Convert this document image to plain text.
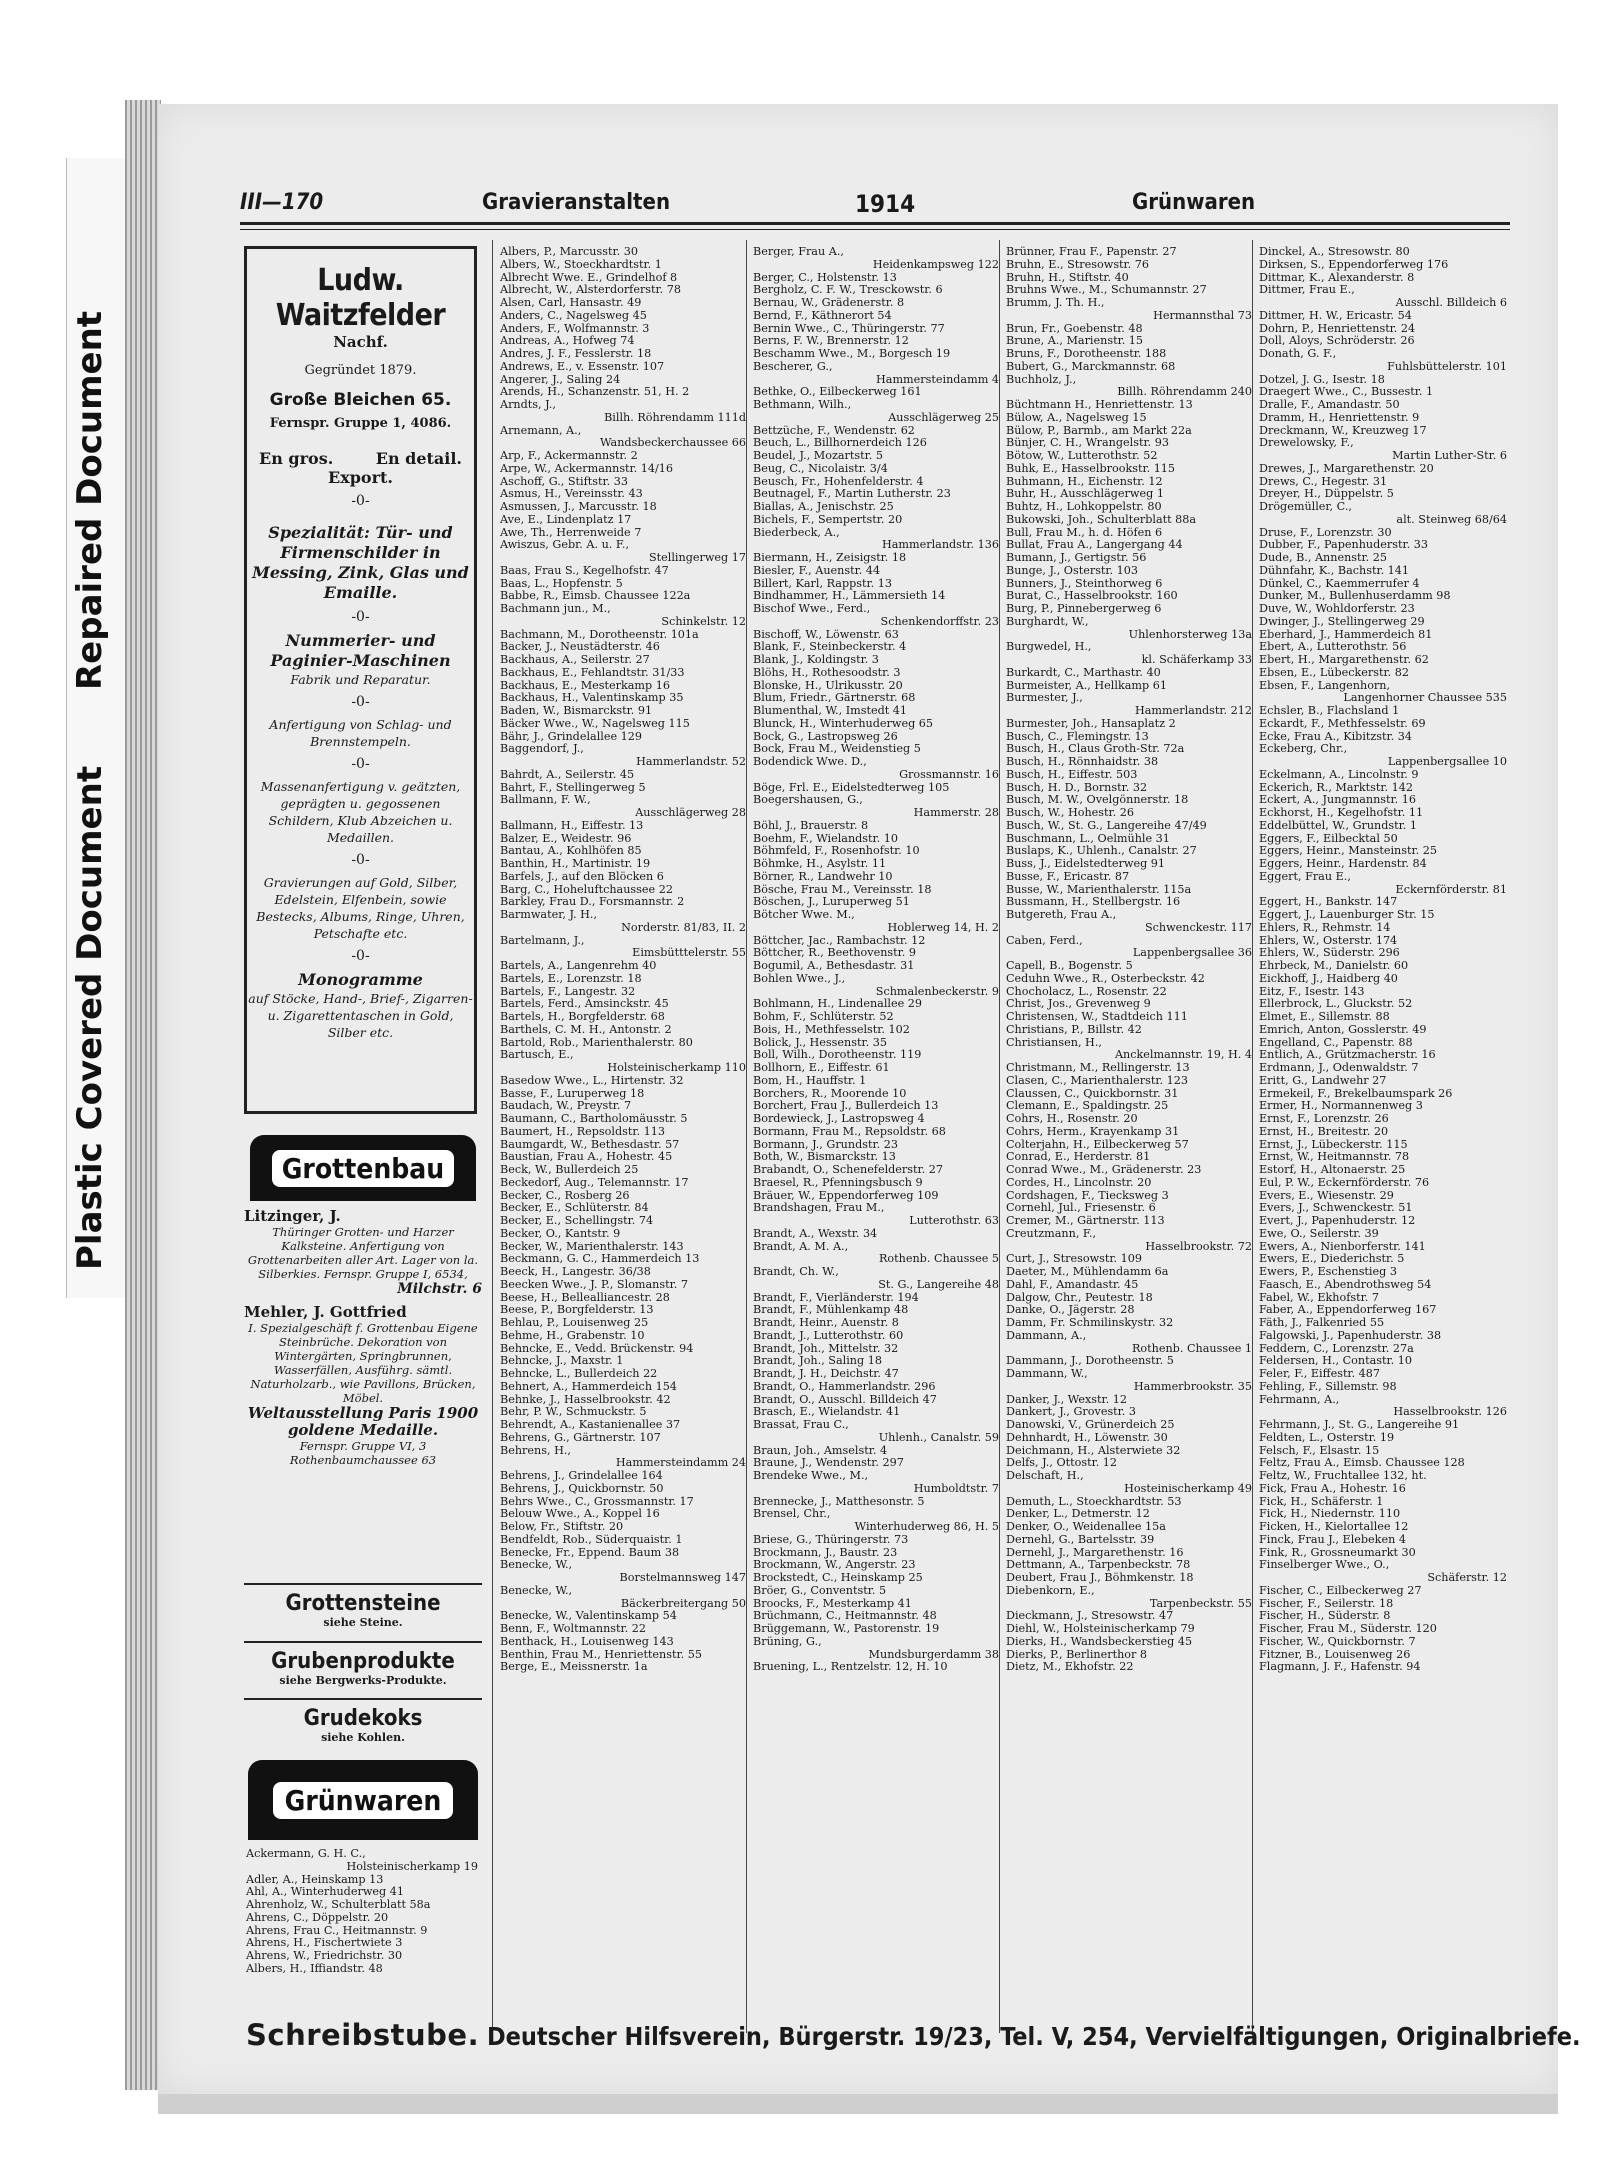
Repaired Document
Plastic Covered Document
III—170	Gravieranstalten	1914	Grünwaren
Ludw. Waitzfelder
Nachf.
Gegründet 1879.
Große Bleichen 65.
Fernspr. Gruppe 1, 4086.
En gros.	En detail.
Export.
-0-
Spezialität: Tür- und Firmenschilder in Messing, Zink, Glas und Emaille.
-0-
Nummerier- und Paginier-Maschinen
Fabrik und Reparatur.
-0-
Anfertigung von Schlag- und Brennstempeln.
-0-
Massenanfertigung v. geätzten, geprägten u. gegossenen Schildern, Klub Abzeichen u. Medaillen.
-0-
Gravierungen auf Gold, Silber, Edelstein, Elfenbein, sowie Bestecks, Albums, Ringe, Uhren, Petschafte etc.
-0-
Monogramme
auf Stöcke, Hand-, Brief-, Zigarren- u. Zigarettentaschen in Gold, Silber etc.
Grottenbau
Litzinger, J.
Thüringer Grotten- und Harzer Kalksteine. Anfertigung von Grottenarbeiten aller Art. Lager von la. Silberkies. Fernspr. Gruppe I, 6534,
Milchstr. 6
Mehler, J. Gottfried
I. Spezialgeschäft f. Grottenbau Eigene Steinbrüche. Dekoration von Wintergärten, Springbrunnen, Wasserfällen, Ausführg. sämtl. Naturholzarb., wie Pavillons, Brücken, Möbel.
Weltausstellung Paris 1900 goldene Medaille.
Fernspr. Gruppe VI, 3
Rothenbaumchaussee 63
Grottensteine
siehe Steine.
Grubenprodukte
siehe Bergwerks-Produkte.
Grudekoks
siehe Kohlen.
Grünwaren
Ackermann, G. H. C.,
Holsteinischerkamp 19
Adler, A., Heinskamp 13
Ahl, A., Winterhuderweg 41
Ahrenholz, W., Schulterblatt 58a
Ahrens, C., Döppelstr. 20
Ahrens, Frau C., Heitmannstr. 9
Ahrens, H., Fischertwiete 3
Ahrens, W., Friedrichstr. 30
Albers, H., Iffiandstr. 48
Albers, P., Marcusstr. 30
Albers, W., Stoeckhardtstr. 1
Albrecht Wwe. E., Grindelhof 8
Albrecht, W., Alsterdorferstr. 78
Alsen, Carl, Hansastr. 49
Anders, C., Nagelsweg 45
Anders, F., Wolfmannstr. 3
Andreas, A., Hofweg 74
Andres, J. F., Fesslerstr. 18
Andrews, E., v. Essenstr. 107
Angerer, J., Saling 24
Arends, H., Schanzenstr. 51, H. 2
Arndts, J.,
Billh. Röhrendamm 111d
Arnemann, A.,
Wandsbeckerchaussee 66
Arp, F., Ackermannstr. 2
Arpe, W., Ackermannstr. 14/16
Aschoff, G., Stiftstr. 33
Asmus, H., Vereinsstr. 43
Asmussen, J., Marcusstr. 18
Ave, E., Lindenplatz 17
Awe, Th., Herrenweide 7
Awiszus, Gebr. A. u. F.,
Stellingerweg 17
Baas, Frau S., Kegelhofstr. 47
Baas, L., Hopfenstr. 5
Babbe, R., Eimsb. Chaussee 122a
Bachmann jun., M.,
Schinkelstr. 12
Bachmann, M., Dorotheenstr. 101a
Backer, J., Neustädterstr. 46
Backhaus, A., Seilerstr. 27
Backhaus, E., Fehlandtstr. 31/33
Backhaus, E., Mesterkamp 16
Backhaus, H., Valentinskamp 35
Baden, W., Bismarckstr. 91
Bäcker Wwe., W., Nagelsweg 115
Bähr, J., Grindelallee 129
Baggendorf, J.,
Hammerlandstr. 52
Bahrdt, A., Seilerstr. 45
Bahrt, F., Stellingerweg 5
Ballmann, F. W.,
Ausschlägerweg 28
Ballmann, H., Eiffestr. 13
Balzer, E., Weidestr. 96
Bantau, A., Kohlhöfen 85
Banthin, H., Martinistr. 19
Barfels, J., auf den Blöcken 6
Barg, C., Hoheluftchaussee 22
Barkley, Frau D., Forsmannstr. 2
Barmwater, J. H.,
Norderstr. 81/83, II. 2
Bartelmann, J.,
Eimsbütttelerstr. 55
Bartels, A., Langenrehm 40
Bartels, E., Lorenzstr. 18
Bartels, F., Langestr. 32
Bartels, Ferd., Amsinckstr. 45
Bartels, H., Borgfelderstr. 68
Barthels, C. M. H., Antonstr. 2
Bartold, Rob., Marienthalerstr. 80
Bartusch, E.,
Holsteinischerkamp 110
Basedow Wwe., L., Hirtenstr. 32
Basse, F., Luruperweg 18
Baudach, W., Preystr. 7
Baumann, C., Bartholomäusstr. 5
Baumert, H., Repsoldstr. 113
Baumgardt, W., Bethesdastr. 57
Baustian, Frau A., Hohestr. 45
Beck, W., Bullerdeich 25
Beckedorf, Aug., Telemannstr. 17
Becker, C., Rosberg 26
Becker, E., Schlüterstr. 84
Becker, E., Schellingstr. 74
Becker, O., Kantstr. 9
Becker, W., Marienthalerstr. 143
Beckmann, G. C., Hammerdeich 13
Beeck, H., Langestr. 36/38
Beecken Wwe., J. P., Slomanstr. 7
Beese, H., Bellealliancestr. 28
Beese, P., Borgfelderstr. 13
Behlau, P., Louisenweg 25
Behme, H., Grabenstr. 10
Behncke, E., Vedd. Brückenstr. 94
Behncke, J., Maxstr. 1
Behncke, L., Bullerdeich 22
Behnert, A., Hammerdeich 154
Behnke, J., Hasselbrookstr. 42
Behr, P. W., Schmuckstr. 5
Behrendt, A., Kastanienallee 37
Behrens, G., Gärtnerstr. 107
Behrens, H.,
Hammersteindamm 24
Behrens, J., Grindelallee 164
Behrens, J., Quickbornstr. 50
Behrs Wwe., C., Grossmannstr. 17
Belouw Wwe., A., Koppel 16
Below, Fr., Stiftstr. 20
Bendfeldt, Rob., Süderquaistr. 1
Benecke, Fr., Eppend. Baum 38
Benecke, W.,
Borstelmannsweg 147
Benecke, W.,
Bäckerbreitergang 50
Benecke, W., Valentinskamp 54
Benn, F., Woltmannstr. 22
Benthack, H., Louisenweg 143
Benthin, Frau M., Henriettenstr. 55
Berge, E., Meissnerstr. 1a
Berger, Frau A.,
Heidenkampsweg 122
Berger, C., Holstenstr. 13
Bergholz, C. F. W., Tresckowstr. 6
Bernau, W., Grädenerstr. 8
Bernd, F., Käthnerort 54
Bernin Wwe., C., Thüringerstr. 77
Berns, F. W., Brennerstr. 12
Beschamm Wwe., M., Borgesch 19
Bescherer, G.,
Hammersteindamm 4
Bethke, O., Eilbeckerweg 161
Bethmann, Wilh.,
Ausschlägerweg 25
Bettzüche, F., Wendenstr. 62
Beuch, L., Billhornerdeich 126
Beudel, J., Mozartstr. 5
Beug, C., Nicolaistr. 3/4
Beusch, Fr., Hohenfelderstr. 4
Beutnagel, F., Martin Lutherstr. 23
Biallas, A., Jenischstr. 25
Bichels, F., Sempertstr. 20
Biederbeck, A.,
Hammerlandstr. 136
Biermann, H., Zeisigstr. 18
Biesler, F., Auenstr. 44
Billert, Karl, Rappstr. 13
Bindhammer, H., Lämmersieth 14
Bischof Wwe., Ferd.,
Schenkendorffstr. 23
Bischoff, W., Löwenstr. 63
Blank, F., Steinbeckerstr. 4
Blank, J., Koldingstr. 3
Blöhs, H., Rothesoodstr. 3
Blonske, H., Ulrikusstr. 20
Blum, Friedr., Gärtnerstr. 68
Blumenthal, W., Imstedt 41
Blunck, H., Winterhuderweg 65
Bock, G., Lastropsweg 26
Bock, Frau M., Weidenstieg 5
Bodendick Wwe. D.,
Grossmannstr. 16
Böge, Frl. E., Eidelstedterweg 105
Boegershausen, G.,
Hammerstr. 28
Böhl, J., Brauerstr. 8
Boehm, F., Wielandstr. 10
Böhmfeld, F., Rosenhofstr. 10
Böhmke, H., Asylstr. 11
Börner, R., Landwehr 10
Bösche, Frau M., Vereinsstr. 18
Böschen, J., Luruperweg 51
Bötcher Wwe. M.,
Hoblerweg 14, H. 2
Böttcher, Jac., Rambachstr. 12
Böttcher, R., Beethovenstr. 9
Bogumil, A., Bethesdastr. 31
Bohlen Wwe., J.,
Schmalenbeckerstr. 9
Bohlmann, H., Lindenallee 29
Bohm, F., Schlüterstr. 52
Bois, H., Methfesselstr. 102
Bolick, J., Hessenstr. 35
Boll, Wilh., Dorotheenstr. 119
Bollhorn, E., Eiffestr. 61
Bom, H., Hauffstr. 1
Borchers, R., Moorende 10
Borchert, Frau J., Bullerdeich 13
Bordewieck, J., Lastropsweg 4
Bormann, Frau M., Repsoldstr. 68
Bormann, J., Grundstr. 23
Both, W., Bismarckstr. 13
Brabandt, O., Schenefelderstr. 27
Braesel, R., Pfenningsbusch 9
Bräuer, W., Eppendorferweg 109
Brandshagen, Frau M.,
Lutterothstr. 63
Brandt, A., Wexstr. 34
Brandt, A. M. A.,
Rothenb. Chaussee 5
Brandt, Ch. W.,
St. G., Langereihe 48
Brandt, F., Vierländerstr. 194
Brandt, F., Mühlenkamp 48
Brandt, Heinr., Auenstr. 8
Brandt, J., Lutterothstr. 60
Brandt, Joh., Mittelstr. 32
Brandt, Joh., Saling 18
Brandt, J. H., Deichstr. 47
Brandt, O., Hammerlandstr. 296
Brandt, O., Ausschl. Billdeich 47
Brasch, E., Wielandstr. 41
Brassat, Frau C.,
Uhlenh., Canalstr. 59
Braun, Joh., Amselstr. 4
Braune, J., Wendenstr. 297
Brendeke Wwe., M.,
Humboldtstr. 7
Brennecke, J., Matthesonstr. 5
Brensel, Chr.,
Winterhuderweg 86, H. 5
Briese, G., Thüringerstr. 73
Brockmann, J., Baustr. 23
Brockmann, W., Angerstr. 23
Brockstedt, C., Heinskamp 25
Bröer, G., Conventstr. 5
Broocks, F., Mesterkamp 41
Brüchmann, C., Heitmannstr. 48
Brüggemann, W., Pastorenstr. 19
Brüning, G.,
Mundsburgerdamm 38
Bruening, L., Rentzelstr. 12, H. 10
Brünner, Frau F., Papenstr. 27
Bruhn, E., Stresowstr. 76
Bruhn, H., Stiftstr. 40
Bruhns Wwe., M., Schumannstr. 27
Brumm, J. Th. H.,
Hermannsthal 73
Brun, Fr., Goebenstr. 48
Brune, A., Marienstr. 15
Bruns, F., Dorotheenstr. 188
Bubert, G., Marckmannstr. 68
Buchholz, J.,
Billh. Röhrendamm 240
Büchtmann H., Henriettenstr. 13
Bülow, A., Nagelsweg 15
Bülow, P., Barmb., am Markt 22a
Bünjer, C. H., Wrangelstr. 93
Bötow, W., Lutterothstr. 52
Buhk, E., Hasselbrookstr. 115
Buhmann, H., Eichenstr. 12
Buhr, H., Ausschlägerweg 1
Buhtz, H., Lohkoppelstr. 80
Bukowski, Joh., Schulterblatt 88a
Bull, Frau M., h. d. Höfen 6
Bullat, Frau A., Langergang 44
Bumann, J., Gertigstr. 56
Bunge, J., Osterstr. 103
Bunners, J., Steinthorweg 6
Burat, C., Hasselbrookstr. 160
Burg, P., Pinnebergerweg 6
Burghardt, W.,
Uhlenhorsterweg 13a
Burgwedel, H.,
kl. Schäferkamp 33
Burkardt, C., Marthastr. 40
Burmeister, A., Hellkamp 61
Burmester, J.,
Hammerlandstr. 212
Burmester, Joh., Hansaplatz 2
Busch, C., Flemingstr. 13
Busch, H., Claus Groth-Str. 72a
Busch, H., Rönnhaidstr. 38
Busch, H., Eiffestr. 503
Busch, H. D., Bornstr. 32
Busch, M. W., Övelgönnerstr. 18
Busch, W., Hohestr. 26
Busch, W., St. G., Langereihe 47/49
Buschmann, L., Oelmühle 31
Buslaps, K., Uhlenh., Canalstr. 27
Buss, J., Eidelstedterweg 91
Busse, F., Ericastr. 87
Busse, W., Marienthalerstr. 115a
Bussmann, H., Stellbergstr. 16
Butgereth, Frau A.,
Schwenckestr. 117
Caben, Ferd.,
Lappenbergsallee 36
Capell, B., Bogenstr. 5
Ceduhn Wwe., R., Osterbeckstr. 42
Chocholacz, L., Rosenstr. 22
Christ, Jos., Grevenweg 9
Christensen, W., Stadtdeich 111
Christians, P., Billstr. 42
Christiansen, H.,
Anckelmannstr. 19, H. 4
Christmann, M., Rellingerstr. 13
Clasen, C., Marienthalerstr. 123
Claussen, C., Quickbornstr. 31
Clemann, E., Spaldingstr. 25
Cohrs, H., Rosenstr. 20
Cohrs, Herm., Krayenkamp 31
Colterjahn, H., Eilbeckerweg 57
Conrad, E., Herderstr. 81
Conrad Wwe., M., Grädenerstr. 23
Cordes, H., Lincolnstr. 20
Cordshagen, F., Tiecksweg 3
Cornehl, Jul., Friesenstr. 6
Cremer, M., Gärtnerstr. 113
Creutzmann, F.,
Hasselbrookstr. 72
Curt, J., Stresowstr. 109
Daeter, M., Mühlendamm 6a
Dahl, F., Amandastr. 45
Dalgow, Chr., Peutestr. 18
Danke, O., Jägerstr. 28
Damm, Fr. Schmilinskystr. 32
Dammann, A.,
Rothenb. Chaussee 1
Dammann, J., Dorotheenstr. 5
Dammann, W.,
Hammerbrookstr. 35
Danker, J., Wexstr. 12
Dankert, J., Grovestr. 3
Danowski, V., Grünerdeich 25
Dehnhardt, H., Löwenstr. 30
Deichmann, H., Alsterwiete 32
Delfs, J., Ottostr. 12
Delschaft, H.,
Hosteinischerkamp 49
Demuth, L., Stoeckhardtstr. 53
Denker, L., Detmerstr. 12
Denker, O., Weidenallee 15a
Dernehl, G., Bartelsstr. 39
Dernehl, J., Margarethenstr. 16
Dettmann, A., Tarpenbeckstr. 78
Deubert, Frau J., Böhmkenstr. 18
Diebenkorn, E.,
Tarpenbeckstr. 55
Dieckmann, J., Stresowstr. 47
Diehl, W., Holsteinischerkamp 79
Dierks, H., Wandsbeckerstieg 45
Dierks, P., Berlinerthor 8
Dietz, M., Ekhofstr. 22
Dinckel, A., Stresowstr. 80
Dirksen, S., Eppendorferweg 176
Dittmar, K., Alexanderstr. 8
Dittmer, Frau E.,
Ausschl. Billdeich 6
Dittmer, H. W., Ericastr. 54
Dohrn, P., Henriettenstr. 24
Doll, Aloys, Schröderstr. 26
Donath, G. F.,
Fuhlsbüttelerstr. 101
Dotzel, J. G., Isestr. 18
Draegert Wwe., C., Bussestr. 1
Dralle, F., Amandastr. 50
Dramm, H., Henriettenstr. 9
Dreckmann, W., Kreuzweg 17
Drewelowsky, F.,
Martin Luther-Str. 6
Drewes, J., Margarethenstr. 20
Drews, C., Hegestr. 31
Dreyer, H., Düppelstr. 5
Drögemüller, C.,
alt. Steinweg 68/64
Druse, F., Lorenzstr. 30
Dubber, F., Papenhuderstr. 33
Dude, B., Annenstr. 25
Dühnfahr, K., Bachstr. 141
Dünkel, C., Kaemmerrufer 4
Dunker, M., Bullenhuserdamm 98
Duve, W., Wohldorferstr. 23
Dwinger, J., Stellingerweg 29
Eberhard, J., Hammerdeich 81
Ebert, A., Lutterothstr. 56
Ebert, H., Margarethenstr. 62
Ebsen, E., Lübeckerstr. 82
Ebsen, F., Langenhorn,
Langenhorner Chaussee 535
Echsler, B., Flachsland 1
Eckardt, F., Methfesselstr. 69
Ecke, Frau A., Kibitzstr. 34
Eckeberg, Chr.,
Lappenbergsallee 10
Eckelmann, A., Lincolnstr. 9
Eckerich, R., Marktstr. 142
Eckert, A., Jungmannstr. 16
Eckhorst, H., Kegelhofstr. 11
Eddelbüttel, W., Grundstr. 1
Eggers, F., Eilbecktal 50
Eggers, Heinr., Mansteinstr. 25
Eggers, Heinr., Hardenstr. 84
Eggert, Frau E.,
Eckernförderstr. 81
Eggert, H., Bankstr. 147
Eggert, J., Lauenburger Str. 15
Ehlers, R., Rehmstr. 14
Ehlers, W., Osterstr. 174
Ehlers, W., Süderstr. 296
Ehrbeck, M., Danielstr. 60
Eickhoff, J., Haidberg 40
Eitz, F., Isestr. 143
Ellerbrock, L., Gluckstr. 52
Elmet, E., Sillemstr. 88
Emrich, Anton, Gosslerstr. 49
Engelland, C., Papenstr. 88
Entlich, A., Grützmacherstr. 16
Erdmann, J., Odenwaldstr. 7
Eritt, G., Landwehr 27
Ermekeil, F., Brekelbaumspark 26
Ermer, H., Normannenweg 3
Ernst, F., Lorenzstr. 26
Ernst, H., Breitestr. 20
Ernst, J., Lübeckerstr. 115
Ernst, W., Heitmannstr. 78
Estorf, H., Altonaerstr. 25
Eul, P. W., Eckernförderstr. 76
Evers, E., Wiesenstr. 29
Evers, J., Schwenckestr. 51
Evert, J., Papenhuderstr. 12
Ewe, O., Seilerstr. 39
Ewers, A., Nienborferstr. 141
Ewers, E., Diederichstr. 5
Ewers, P., Eschenstieg 3
Faasch, E., Abendrothsweg 54
Fabel, W., Ekhofstr. 7
Faber, A., Eppendorferweg 167
Fäth, J., Falkenried 55
Falgowski, J., Papenhuderstr. 38
Feddern, C., Lorenzstr. 27a
Feldersen, H., Contastr. 10
Feler, F., Eiffestr. 487
Fehling, F., Sillemstr. 98
Fehrmann, A.,
Hasselbrookstr. 126
Fehrmann, J., St. G., Langereihe 91
Feldten, L., Osterstr. 19
Felsch, F., Elsastr. 15
Feltz, Frau A., Eimsb. Chaussee 128
Feltz, W., Fruchtallee 132, ht.
Fick, Frau A., Hohestr. 16
Fick, H., Schäferstr. 1
Fick, H., Niedernstr. 110
Ficken, H., Kielortallee 12
Finck, Frau J., Elebeken 4
Fink, R., Grossneumarkt 30
Finselberger Wwe., O.,
Schäferstr. 12
Fischer, C., Eilbeckerweg 27
Fischer, F., Seilerstr. 18
Fischer, H., Süderstr. 8
Fischer, Frau M., Süderstr. 120
Fischer, W., Quickbornstr. 7
Fitzner, B., Louisenweg 26
Flagmann, J. F., Hafenstr. 94
Schreibstube. Deutscher Hilfsverein, Bürgerstr. 19/23, Tel. V, 254, Vervielfältigungen, Originalbriefe.
